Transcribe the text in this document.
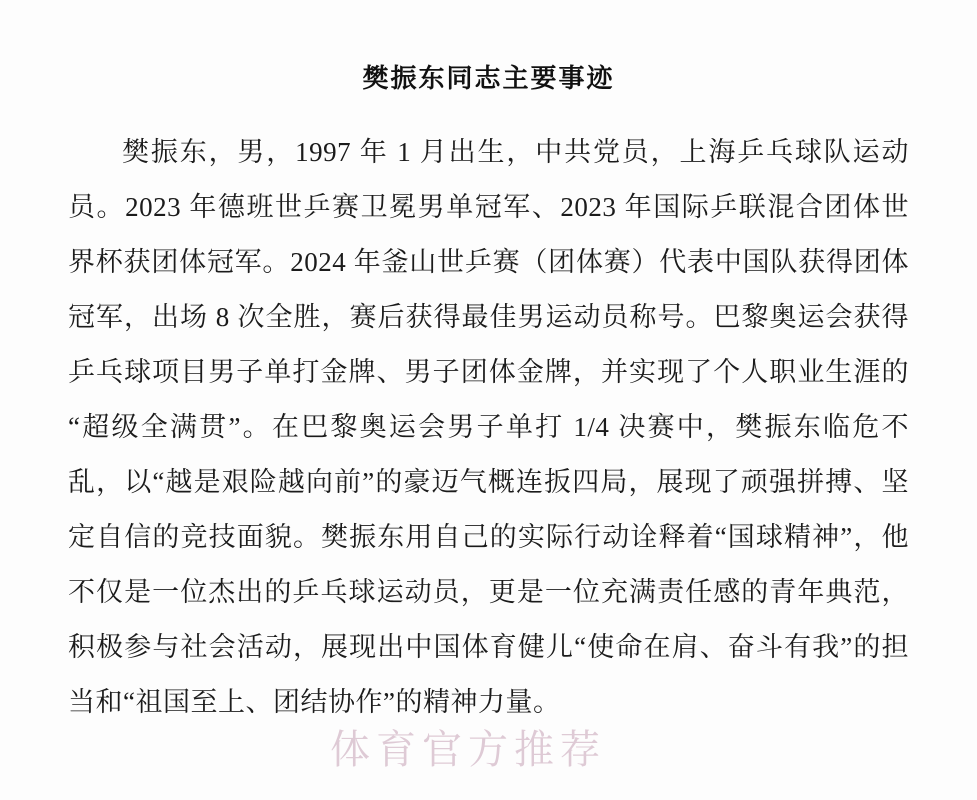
樊振东同志主要事迹

樊振东，男，1997 年 1 月出生，中共党员，上海乒乓球队运动员。2023 年德班世乒赛卫冕男单冠军、2023 年国际乒联混合团体世界杯获团体冠军。2024 年釜山世乒赛（团体赛）代表中国队获得团体冠军，出场 8 次全胜，赛后获得最佳男运动员称号。巴黎奥运会获得乒乓球项目男子单打金牌、男子团体金牌，并实现了个人职业生涯的“超级全满贯”。在巴黎奥运会男子单打 1/4 决赛中，樊振东临危不乱，以“越是艰险越向前”的豪迈气概连扳四局，展现了顽强拼搏、坚定自信的竞技面貌。樊振东用自己的实际行动诠释着“国球精神”，他不仅是一位杰出的乒乓球运动员，更是一位充满责任感的青年典范，积极参与社会活动，展现出中国体育健儿“使命在肩、奋斗有我”的担当和“祖国至上、团结协作”的精神力量。

体育官方推荐
